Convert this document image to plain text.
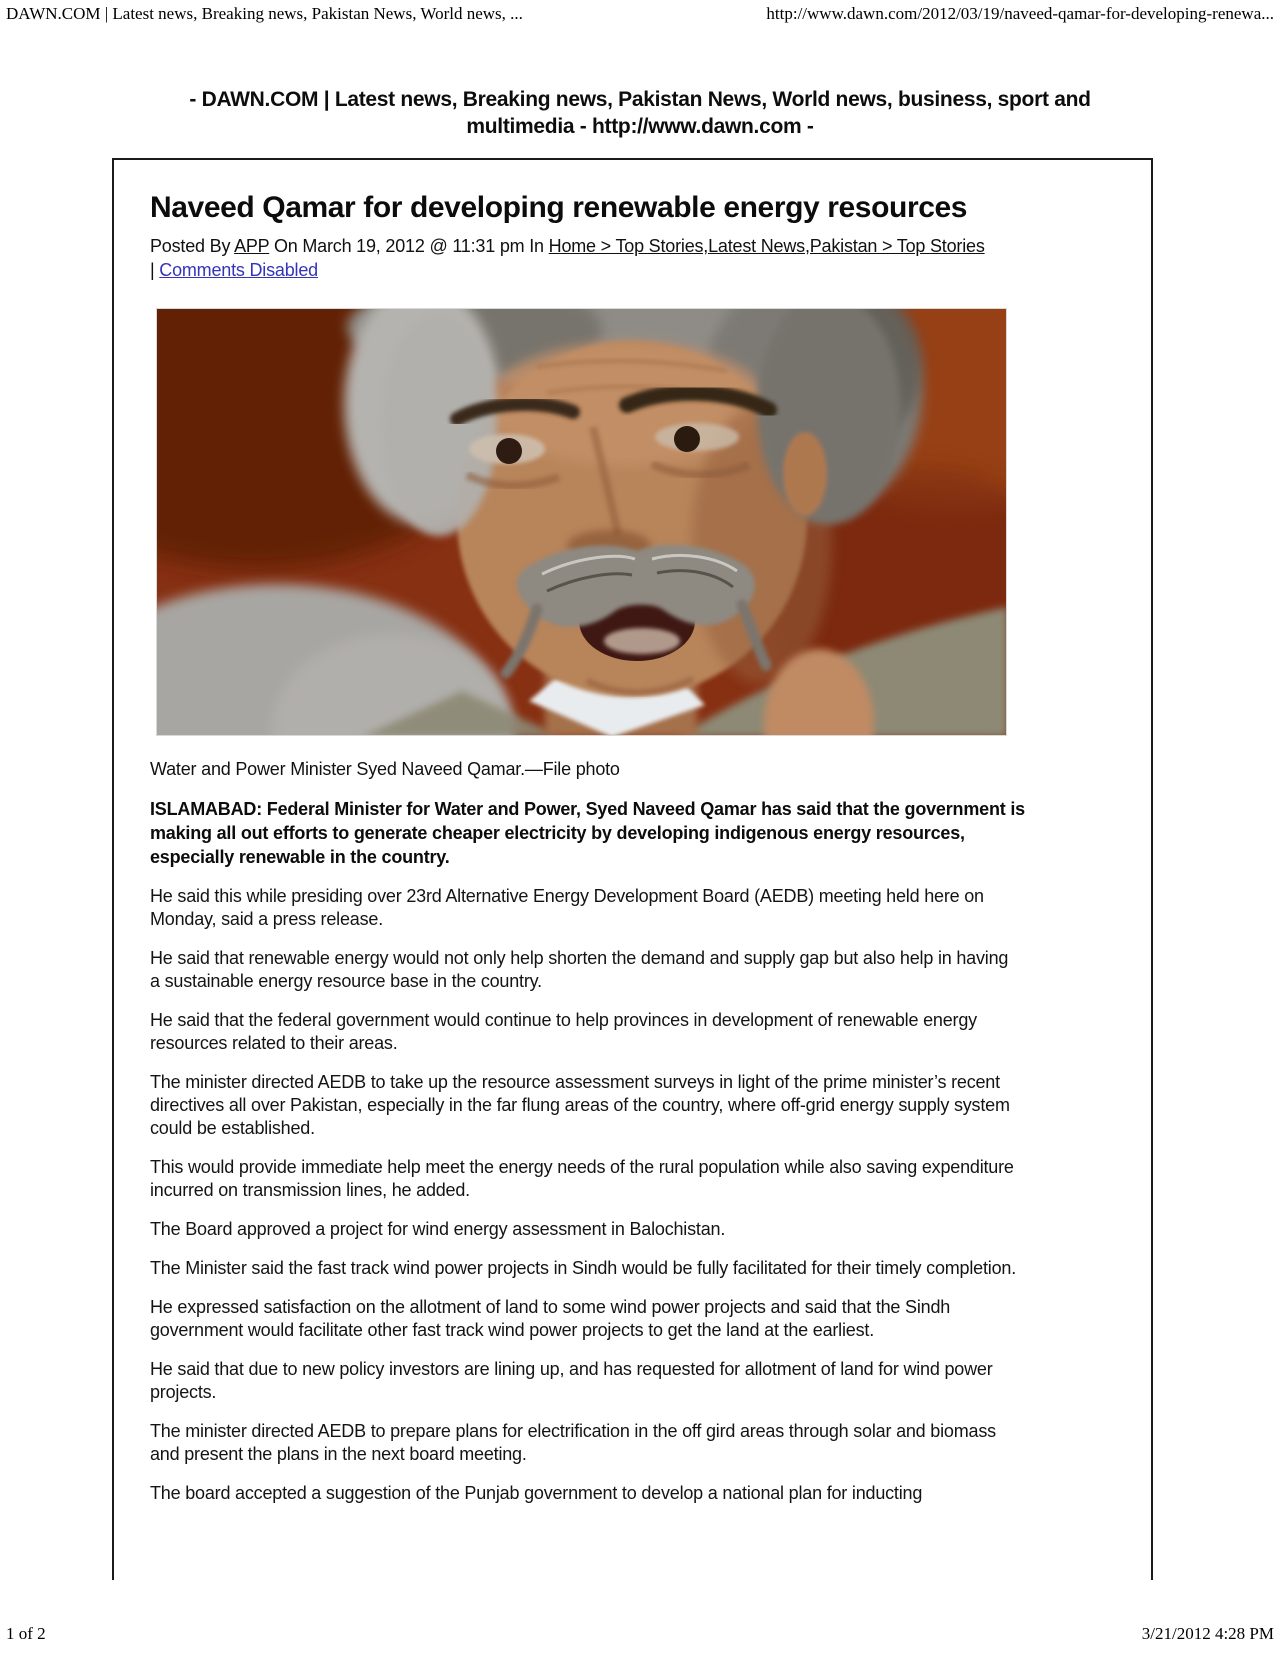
DAWN.COM | Latest news, Breaking news, Pakistan News, World news, ...	http://www.dawn.com/2012/03/19/naveed-qamar-for-developing-renewa...
- DAWN.COM | Latest news, Breaking news, Pakistan News, World news, business, sport and multimedia - http://www.dawn.com -
Naveed Qamar for developing renewable energy resources

Posted By APP On March 19, 2012 @ 11:31 pm In Home > Top Stories,Latest News,Pakistan > Top Stories | Comments Disabled

Water and Power Minister Syed Naveed Qamar.—File photo

ISLAMABAD: Federal Minister for Water and Power, Syed Naveed Qamar has said that the government is making all out efforts to generate cheaper electricity by developing indigenous energy resources, especially renewable in the country.

He said this while presiding over 23rd Alternative Energy Development Board (AEDB) meeting held here on Monday, said a press release.

He said that renewable energy would not only help shorten the demand and supply gap but also help in having a sustainable energy resource base in the country.

He said that the federal government would continue to help provinces in development of renewable energy resources related to their areas.

The minister directed AEDB to take up the resource assessment surveys in light of the prime minister’s recent directives all over Pakistan, especially in the far flung areas of the country, where off-grid energy supply system could be established.

This would provide immediate help meet the energy needs of the rural population while also saving expenditure incurred on transmission lines, he added.

The Board approved a project for wind energy assessment in Balochistan.

The Minister said the fast track wind power projects in Sindh would be fully facilitated for their timely completion.

He expressed satisfaction on the allotment of land to some wind power projects and said that the Sindh government would facilitate other fast track wind power projects to get the land at the earliest.

He said that due to new policy investors are lining up, and has requested for allotment of land for wind power projects.

The minister directed AEDB to prepare plans for electrification in the off gird areas through solar and biomass and present the plans in the next board meeting.

The board accepted a suggestion of the Punjab government to develop a national plan for inducting

1 of 2	3/21/2012 4:28 PM
